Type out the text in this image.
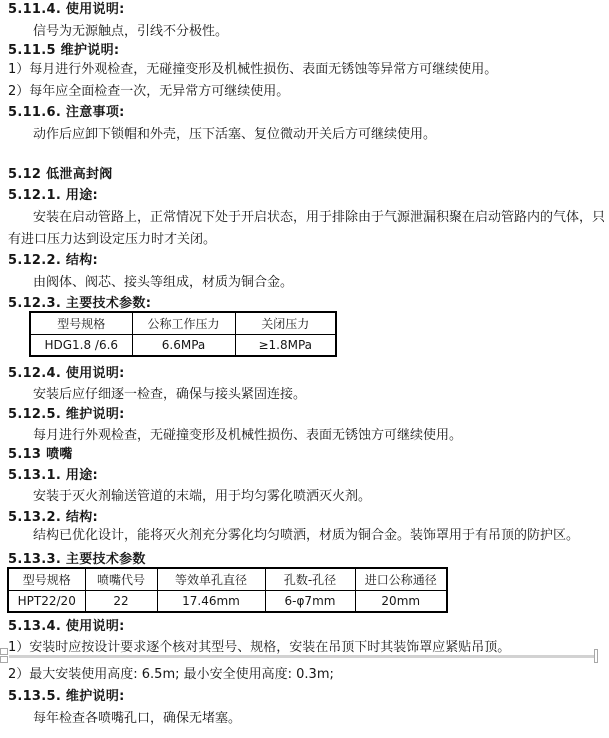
5.11.4. 使用说明:
信号为无源触点，引线不分极性。
5.11.5 维护说明:
1）每月进行外观检查，无碰撞变形及机械性损伤、表面无锈蚀等异常方可继续使用。
2）每年应全面检查一次，无异常方可继续使用。
5.11.6. 注意事项:
动作后应卸下锁帽和外壳，压下活塞、复位微动开关后方可继续使用。
5.12 低泄高封阀
5.12.1. 用途:
安装在启动管路上，正常情况下处于开启状态，用于排除由于气源泄漏积聚在启动管路内的气体，只有进口压力达到设定压力时才关闭。
5.12.2. 结构:
由阀体、阀芯、接头等组成，材质为铜合金。
5.12.3. 主要技术参数:
型号规格	公称工作压力	关闭压力
HDG1.8 /6.6	6.6MPa	≥1.8MPa
5.12.4. 使用说明:
安装后应仔细逐一检查，确保与接头紧固连接。
5.12.5. 维护说明:
每月进行外观检查，无碰撞变形及机械性损伤、表面无锈蚀方可继续使用。
5.13 喷嘴
5.13.1. 用途:
安装于灭火剂输送管道的末端，用于均匀雾化喷洒灭火剂。
5.13.2. 结构:
结构已优化设计，能将灭火剂充分雾化均匀喷洒，材质为铜合金。装饰罩用于有吊顶的防护区。
5.13.3. 主要技术参数
型号规格	喷嘴代号	等效单孔直径	孔数-孔径	进口公称通径
HPT22/20	22	17.46mm	6-φ7mm	20mm
5.13.4. 使用说明:
1）安装时应按设计要求逐个核对其型号、规格，安装在吊顶下时其装饰罩应紧贴吊顶。
2）最大安装使用高度: 6.5m; 最小安全使用高度: 0.3m;
5.13.5. 维护说明:
每年检查各喷嘴孔口，确保无堵塞。
